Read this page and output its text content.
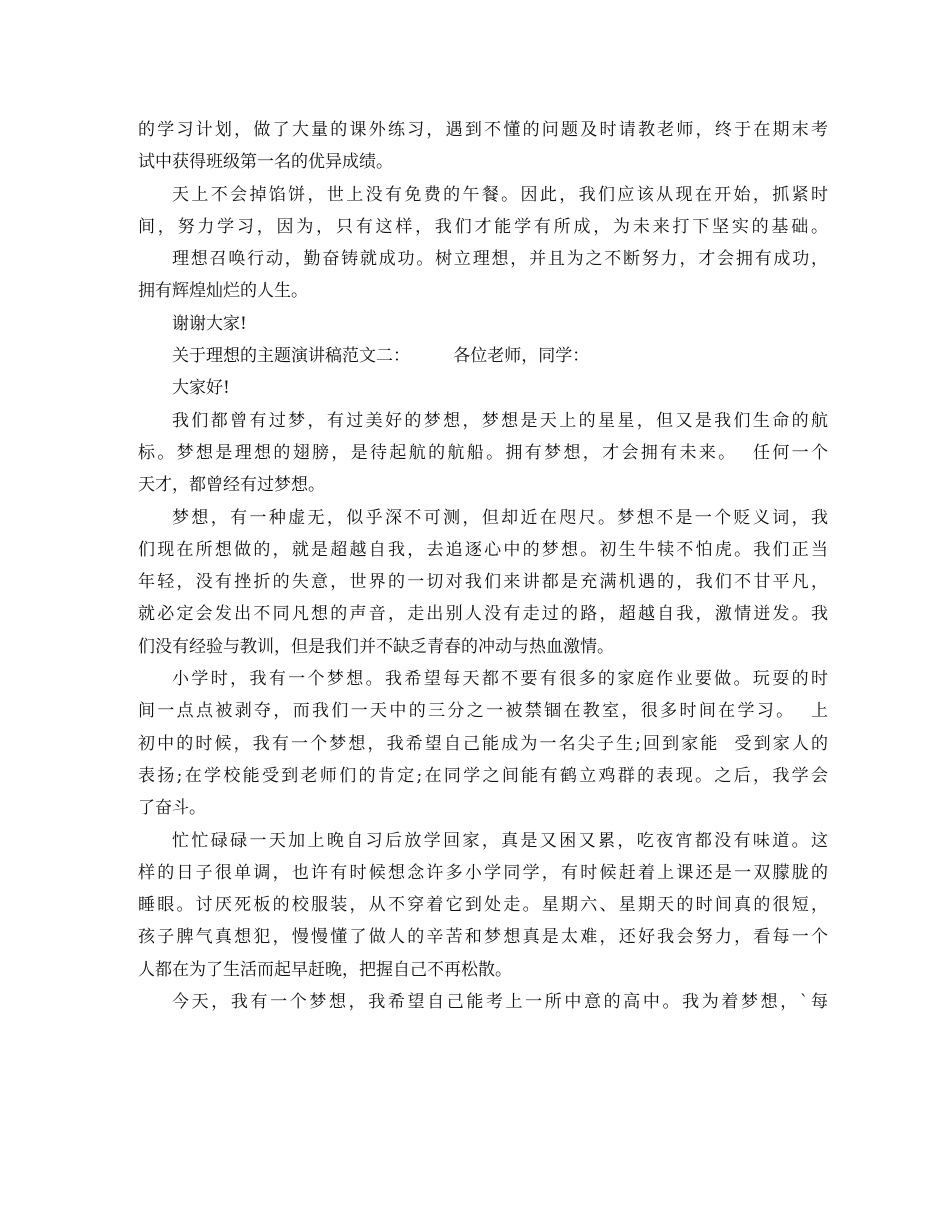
的学习计划，做了大量的课外练习，遇到不懂的问题及时请教老师，终于在期末考
试中获得班级第一名的优异成绩。
天上不会掉馅饼，世上没有免费的午餐。因此，我们应该从现在开始，抓紧时
间，努力学习，因为，只有这样，我们才能学有所成，为未来打下坚实的基础。
理想召唤行动，勤奋铸就成功。树立理想，并且为之不断努力，才会拥有成功，
拥有辉煌灿烂的人生。
谢谢大家!
关于理想的主题演讲稿范文二：        各位老师，同学：
大家好!
我们都曾有过梦，有过美好的梦想，梦想是天上的星星，但又是我们生命的航
标。梦想是理想的翅膀，是待起航的航船。拥有梦想，才会拥有未来。  任何一个
天才，都曾经有过梦想。
梦想，有一种虚无，似乎深不可测，但却近在咫尺。梦想不是一个贬义词，我
们现在所想做的，就是超越自我，去追逐心中的梦想。初生牛犊不怕虎。我们正当
年轻，没有挫折的失意，世界的一切对我们来讲都是充满机遇的，我们不甘平凡，
就必定会发出不同凡想的声音，走出别人没有走过的路，超越自我，激情迸发。我
们没有经验与教训，但是我们并不缺乏青春的冲动与热血激情。
小学时，我有一个梦想。我希望每天都不要有很多的家庭作业要做。玩耍的时
间一点点被剥夺，而我们一天中的三分之一被禁锢在教室，很多时间在学习。  上
初中的时候，我有一个梦想，我希望自己能成为一名尖子生;回到家能  受到家人的
表扬;在学校能受到老师们的肯定;在同学之间能有鹤立鸡群的表现。之后，我学会
了奋斗。
忙忙碌碌一天加上晚自习后放学回家，真是又困又累，吃夜宵都没有味道。这
样的日子很单调，也许有时候想念许多小学同学，有时候赶着上课还是一双朦胧的
睡眼。讨厌死板的校服装，从不穿着它到处走。星期六、星期天的时间真的很短，
孩子脾气真想犯，慢慢懂了做人的辛苦和梦想真是太难，还好我会努力，看每一个
人都在为了生活而起早赶晚，把握自己不再松散。
今天，我有一个梦想，我希望自己能考上一所中意的高中。我为着梦想，`每
